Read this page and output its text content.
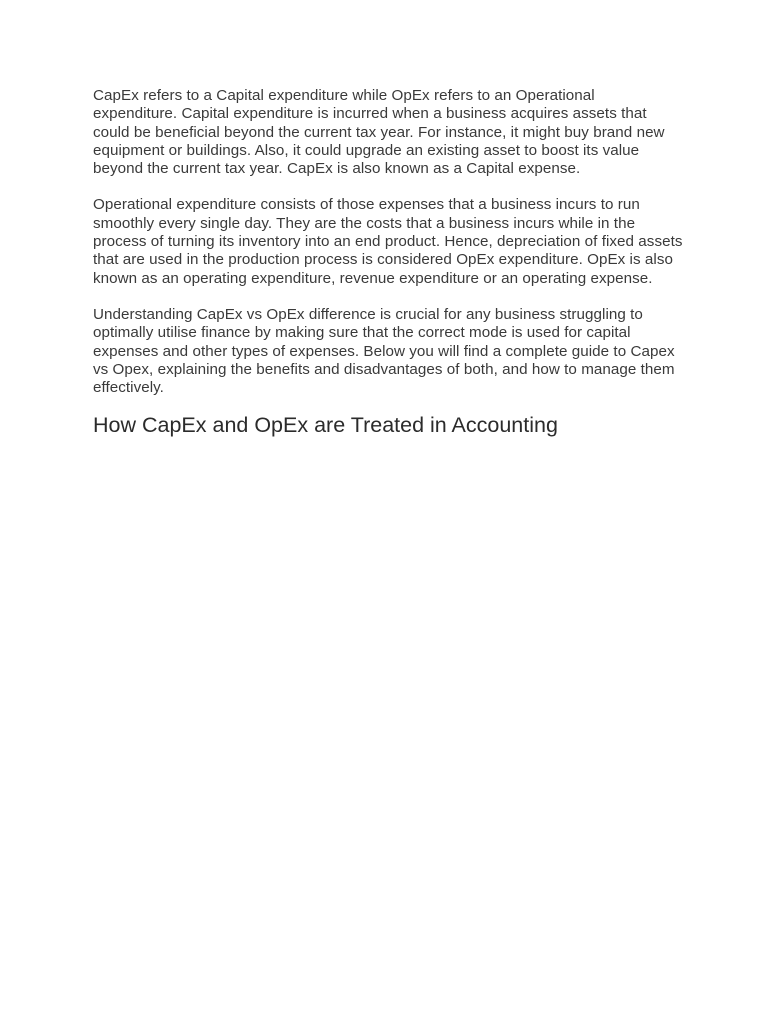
CapEx refers to a Capital expenditure while OpEx refers to an Operational expenditure. Capital expenditure is incurred when a business acquires assets that could be beneficial beyond the current tax year. For instance, it might buy brand new equipment or buildings. Also, it could upgrade an existing asset to boost its value beyond the current tax year. CapEx is also known as a Capital expense.

Operational expenditure consists of those expenses that a business incurs to run smoothly every single day. They are the costs that a business incurs while in the process of turning its inventory into an end product. Hence, depreciation of fixed assets that are used in the production process is considered OpEx expenditure. OpEx is also known as an operating expenditure, revenue expenditure or an operating expense.

Understanding CapEx vs OpEx difference is crucial for any business struggling to optimally utilise finance by making sure that the correct mode is used for capital expenses and other types of expenses. Below you will find a complete guide to Capex vs Opex, explaining the benefits and disadvantages of both, and how to manage them effectively.

How CapEx and OpEx are Treated in Accounting
